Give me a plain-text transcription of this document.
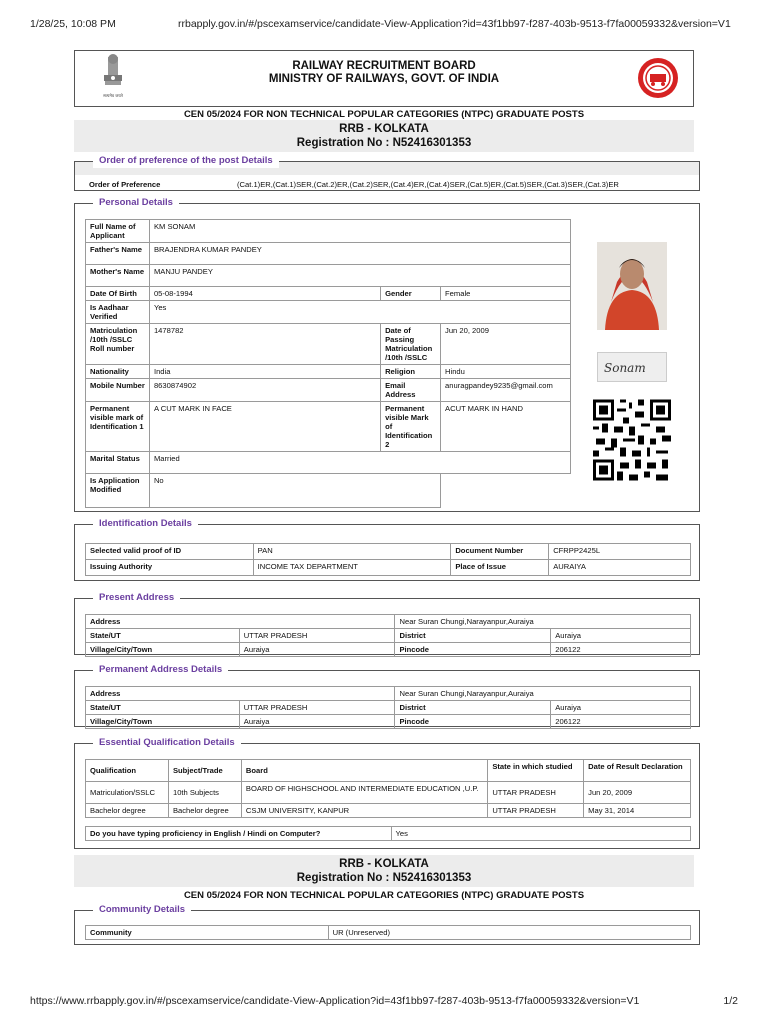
1/28/25, 10:08 PM	rrbapply.gov.in/#/pscexamservice/candidate-View-Application?id=43f1bb97-f287-403b-9513-f7fa00059332&version=V1
सत्यमेव जयते
RAILWAY RECRUITMENT BOARD
MINISTRY OF RAILWAYS, GOVT. OF INDIA
CEN 05/2024 FOR NON TECHNICAL POPULAR CATEGORIES (NTPC) GRADUATE POSTS
RRB - KOLKATA
Registration No : N52416301353
Order of preference of the post Details
Order of Preference	(Cat.1)ER,(Cat.1)SER,(Cat.2)ER,(Cat.2)SER,(Cat.4)ER,(Cat.4)SER,(Cat.5)ER,(Cat.5)SER,(Cat.3)SER,(Cat.3)ER
Personal Details
Full Name of Applicant	KM SONAM		
Father's Name	BRAJENDRA KUMAR PANDEY		
Mother's Name	MANJU PANDEY		
Date Of Birth	05-08-1994	Gender	Female
Is Aadhaar Verified	Yes		
Matriculation /10th /SSLC Roll number	1478782	Date of Passing Matriculation /10th /SSLC	Jun 20, 2009
Nationality	India	Religion	Hindu
Mobile Number	8630874902	Email Address	anuragpandey9235@gmail.com
Permanent visible mark of Identification 1	A CUT MARK IN FACE	Permanent visible Mark of Identification 2	ACUT MARK IN HAND
Marital Status	Married		
Is Application Modified	No		
Sonam
Identification Details
Selected valid proof of ID	PAN	Document Number	CFRPP2425L
Issuing Authority	INCOME TAX DEPARTMENT	Place of Issue	AURAIYA
Present Address
Address		Near Suran Chungi,Narayanpur,Auraiya	
State/UT	UTTAR PRADESH	District	Auraiya
Village/City/Town	Auraiya	Pincode	206122
Permanent Address Details
Address		Near Suran Chungi,Narayanpur,Auraiya	
State/UT	UTTAR PRADESH	District	Auraiya
Village/City/Town	Auraiya	Pincode	206122
Essential Qualification Details
Qualification	Subject/Trade	Board	State in which studied	Date of Result Declaration
Matriculation/SSLC	10th Subjects	BOARD OF HIGHSCHOOL AND INTERMEDIATE EDUCATION ,U.P.	UTTAR PRADESH	Jun 20, 2009
Bachelor degree	Bachelor degree	CSJM UNIVERSITY, KANPUR	UTTAR PRADESH	May 31, 2014
Do you have typing proficiency in English / Hindi on Computer?	Yes
RRB - KOLKATA
Registration No : N52416301353
CEN 05/2024 FOR NON TECHNICAL POPULAR CATEGORIES (NTPC) GRADUATE POSTS
Community Details
Community	UR (Unreserved)
https://www.rrbapply.gov.in/#/pscexamservice/candidate-View-Application?id=43f1bb97-f287-403b-9513-f7fa00059332&version=V1	1/2
